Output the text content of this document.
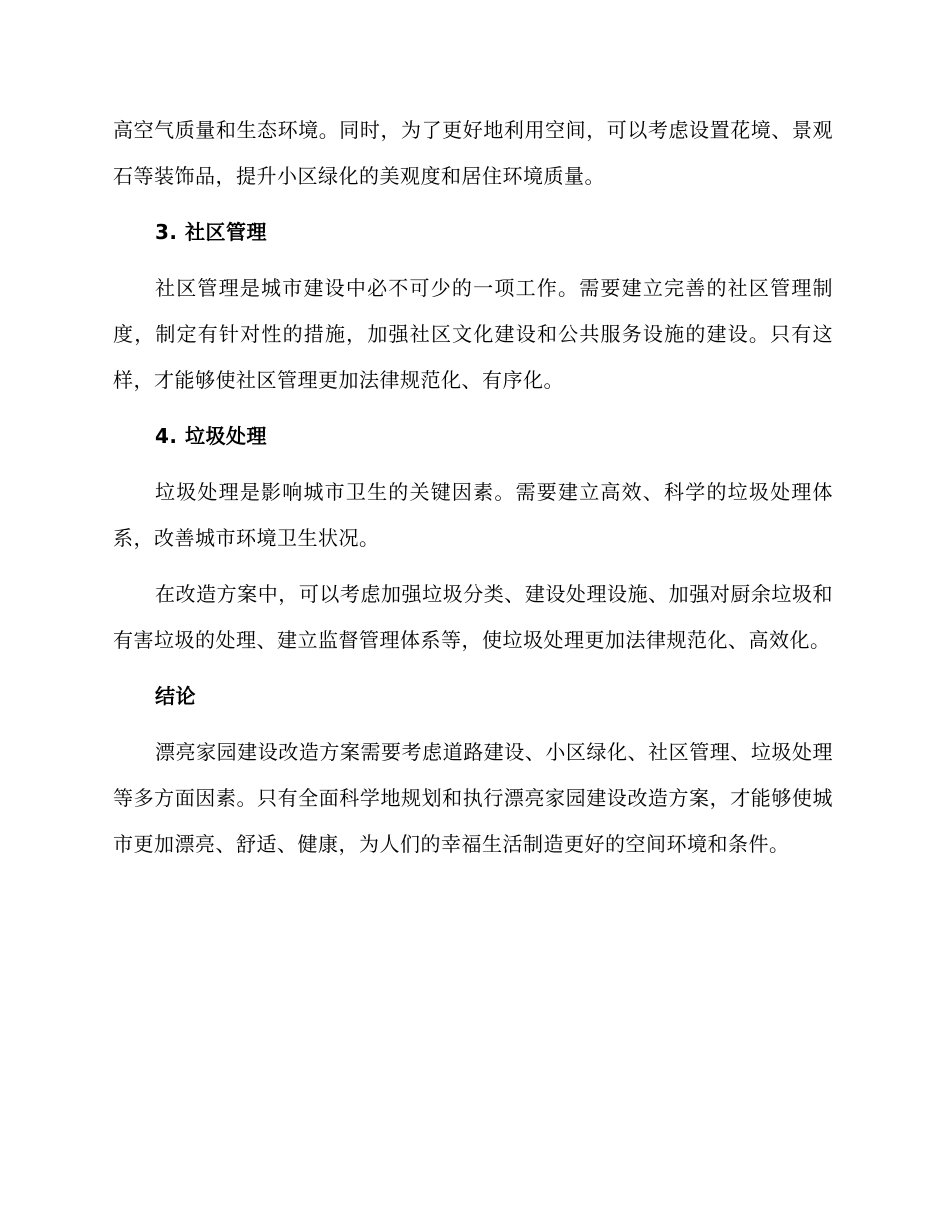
高空气质量和生态环境。同时，为了更好地利用空间，可以考虑设置花境、景观石等装饰品，提升小区绿化的美观度和居住环境质量。

3. 社区管理

社区管理是城市建设中必不可少的一项工作。需要建立完善的社区管理制度，制定有针对性的措施，加强社区文化建设和公共服务设施的建设。只有这样，才能够使社区管理更加法律规范化、有序化。

4. 垃圾处理

垃圾处理是影响城市卫生的关键因素。需要建立高效、科学的垃圾处理体系，改善城市环境卫生状况。

在改造方案中，可以考虑加强垃圾分类、建设处理设施、加强对厨余垃圾和有害垃圾的处理、建立监督管理体系等，使垃圾处理更加法律规范化、高效化。

结论

漂亮家园建设改造方案需要考虑道路建设、小区绿化、社区管理、垃圾处理等多方面因素。只有全面科学地规划和执行漂亮家园建设改造方案，才能够使城市更加漂亮、舒适、健康，为人们的幸福生活制造更好的空间环境和条件。
